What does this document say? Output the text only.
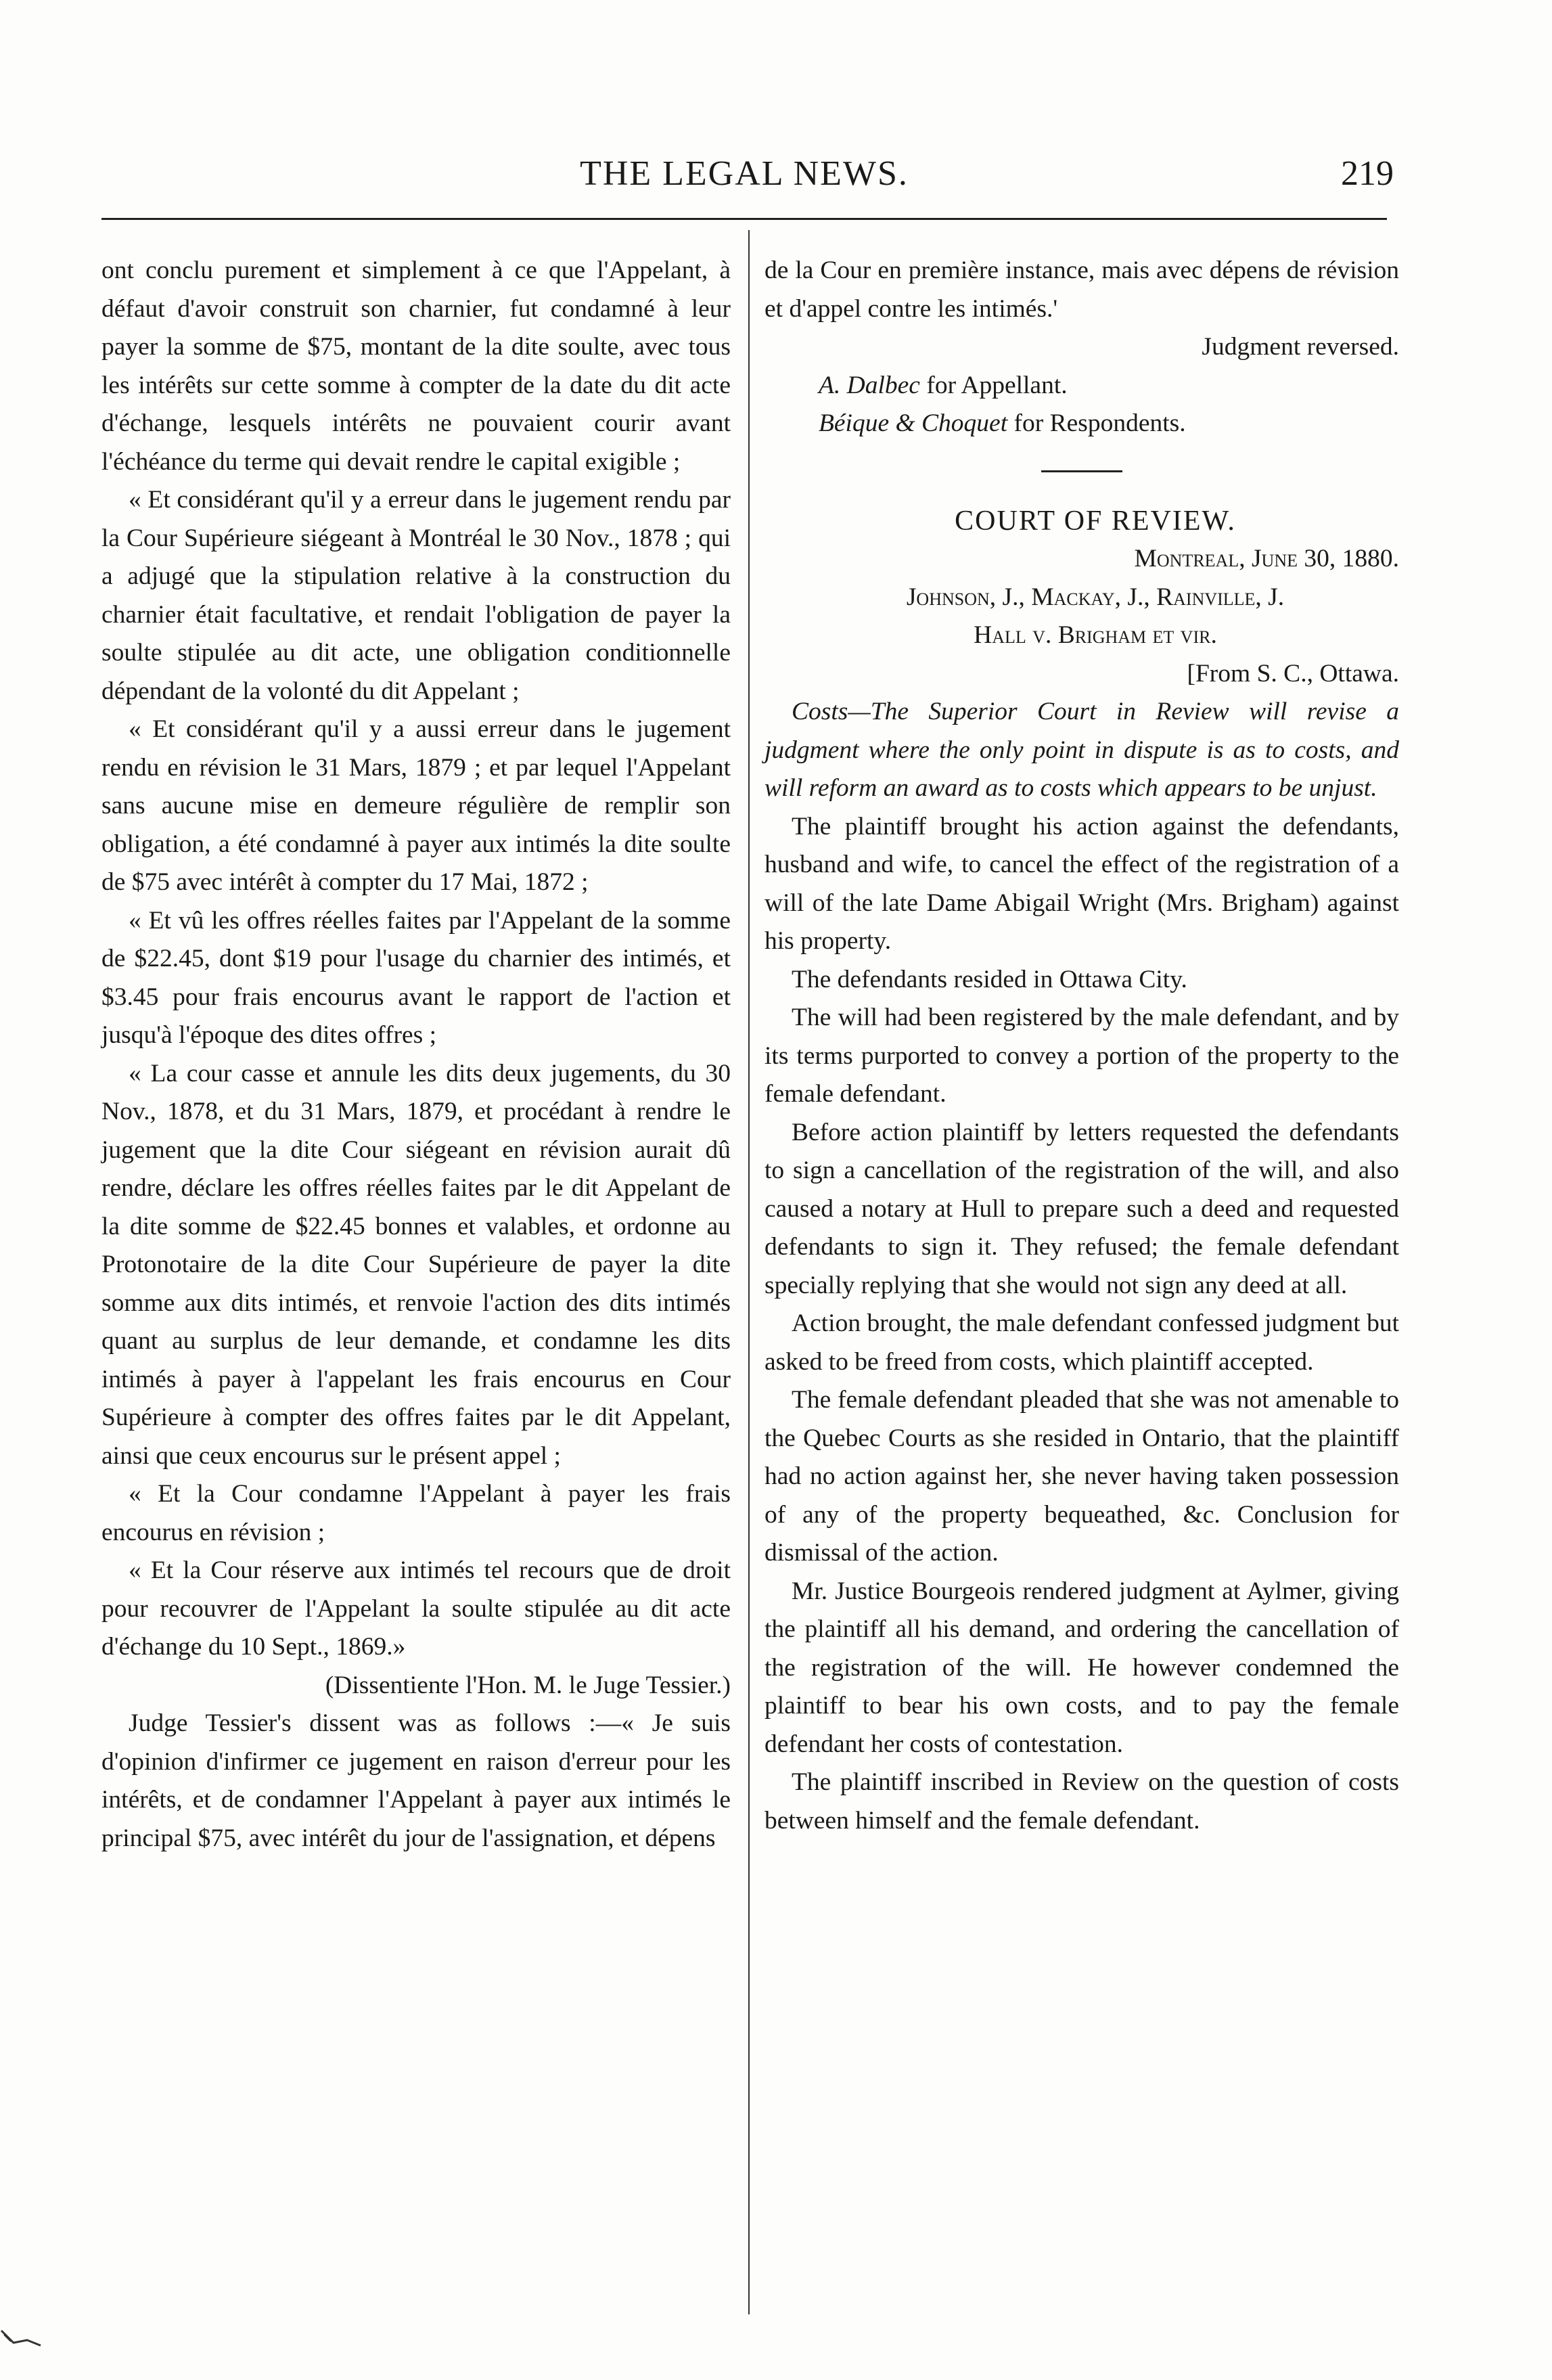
THE LEGAL NEWS.	219

ont conclu purement et simplement à ce que l'Appelant, à défaut d'avoir construit son charnier, fut condamné à leur payer la somme de $75, montant de la dite soulte, avec tous les intérêts sur cette somme à compter de la date du dit acte d'échange, lesquels intérêts ne pouvaient courir avant l'échéance du terme qui devait rendre le capital exigible ;

« Et considérant qu'il y a erreur dans le jugement rendu par la Cour Supérieure siégeant à Montréal le 30 Nov., 1878 ; qui a adjugé que la stipulation relative à la construction du charnier était facultative, et rendait l'obligation de payer la soulte stipulée au dit acte, une obligation conditionnelle dépendant de la volonté du dit Appelant ;

« Et considérant qu'il y a aussi erreur dans le jugement rendu en révision le 31 Mars, 1879 ; et par lequel l'Appelant sans aucune mise en demeure régulière de remplir son obligation, a été condamné à payer aux intimés la dite soulte de $75 avec intérêt à compter du 17 Mai, 1872 ;

« Et vû les offres réelles faites par l'Appelant de la somme de $22.45, dont $19 pour l'usage du charnier des intimés, et $3.45 pour frais encourus avant le rapport de l'action et jusqu'à l'époque des dites offres ;

« La cour casse et annule les dits deux jugements, du 30 Nov., 1878, et du 31 Mars, 1879, et procédant à rendre le jugement que la dite Cour siégeant en révision aurait dû rendre, déclare les offres réelles faites par le dit Appelant de la dite somme de $22.45 bonnes et valables, et ordonne au Protonotaire de la dite Cour Supérieure de payer la dite somme aux dits intimés, et renvoie l'action des dits intimés quant au surplus de leur demande, et condamne les dits intimés à payer à l'appelant les frais encourus en Cour Supérieure à compter des offres faites par le dit Appelant, ainsi que ceux encourus sur le présent appel ;

« Et la Cour condamne l'Appelant à payer les frais encourus en révision ;

« Et la Cour réserve aux intimés tel recours que de droit pour recouvrer de l'Appelant la soulte stipulée au dit acte d'échange du 10 Sept., 1869.»

(Dissentiente l'Hon. M. le Juge Tessier.)

Judge Tessier's dissent was as follows :—« Je suis d'opinion d'infirmer ce jugement en raison d'erreur pour les intérêts, et de condamner l'Appelant à payer aux intimés le principal $75, avec intérêt du jour de l'assignation, et dépens

de la Cour en première instance, mais avec dépens de révision et d'appel contre les intimés.'

Judgment reversed.

A. Dalbec for Appellant.

Béique & Choquet for Respondents.

COURT OF REVIEW.

Montreal, June 30, 1880.

Johnson, J., Mackay, J., Rainville, J.

Hall v. Brigham et vir.

[From S. C., Ottawa.

Costs—The Superior Court in Review will revise a judgment where the only point in dispute is as to costs, and will reform an award as to costs which appears to be unjust.

The plaintiff brought his action against the defendants, husband and wife, to cancel the effect of the registration of a will of the late Dame Abigail Wright (Mrs. Brigham) against his property.

The defendants resided in Ottawa City.

The will had been registered by the male defendant, and by its terms purported to convey a portion of the property to the female defendant.

Before action plaintiff by letters requested the defendants to sign a cancellation of the registration of the will, and also caused a notary at Hull to prepare such a deed and requested defendants to sign it. They refused; the female defendant specially replying that she would not sign any deed at all.

Action brought, the male defendant confessed judgment but asked to be freed from costs, which plaintiff accepted.

The female defendant pleaded that she was not amenable to the Quebec Courts as she resided in Ontario, that the plaintiff had no action against her, she never having taken possession of any of the property bequeathed, &c. Conclusion for dismissal of the action.

Mr. Justice Bourgeois rendered judgment at Aylmer, giving the plaintiff all his demand, and ordering the cancellation of the registration of the will. He however condemned the plaintiff to bear his own costs, and to pay the female defendant her costs of contestation.

The plaintiff inscribed in Review on the question of costs between himself and the female defendant.
